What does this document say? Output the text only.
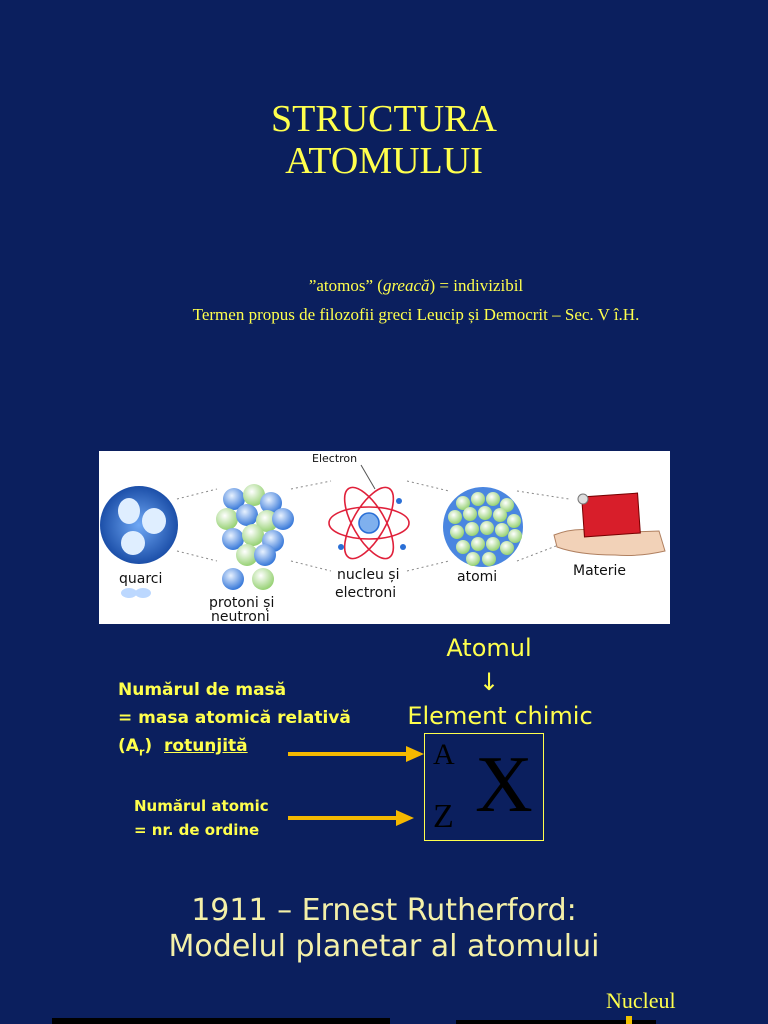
STRUCTURA
ATOMULUI
”atomos” (greacă) = indivizibil
Termen propus de filozofii greci Leucip și Democrit – Sec. V î.H.
quarci
protoni și
neutroni
Electron
nucleu și
electroni
atomi	Materie
Atomul
↓
Element chimic
Numărul de masă
= masa atomică relativă
$(A_r)$ rotunjită
Numărul atomic
= nr. de ordine
A
Z X
1911 – Ernest Rutherford:
Modelul planetar al atomului
Nucleul
